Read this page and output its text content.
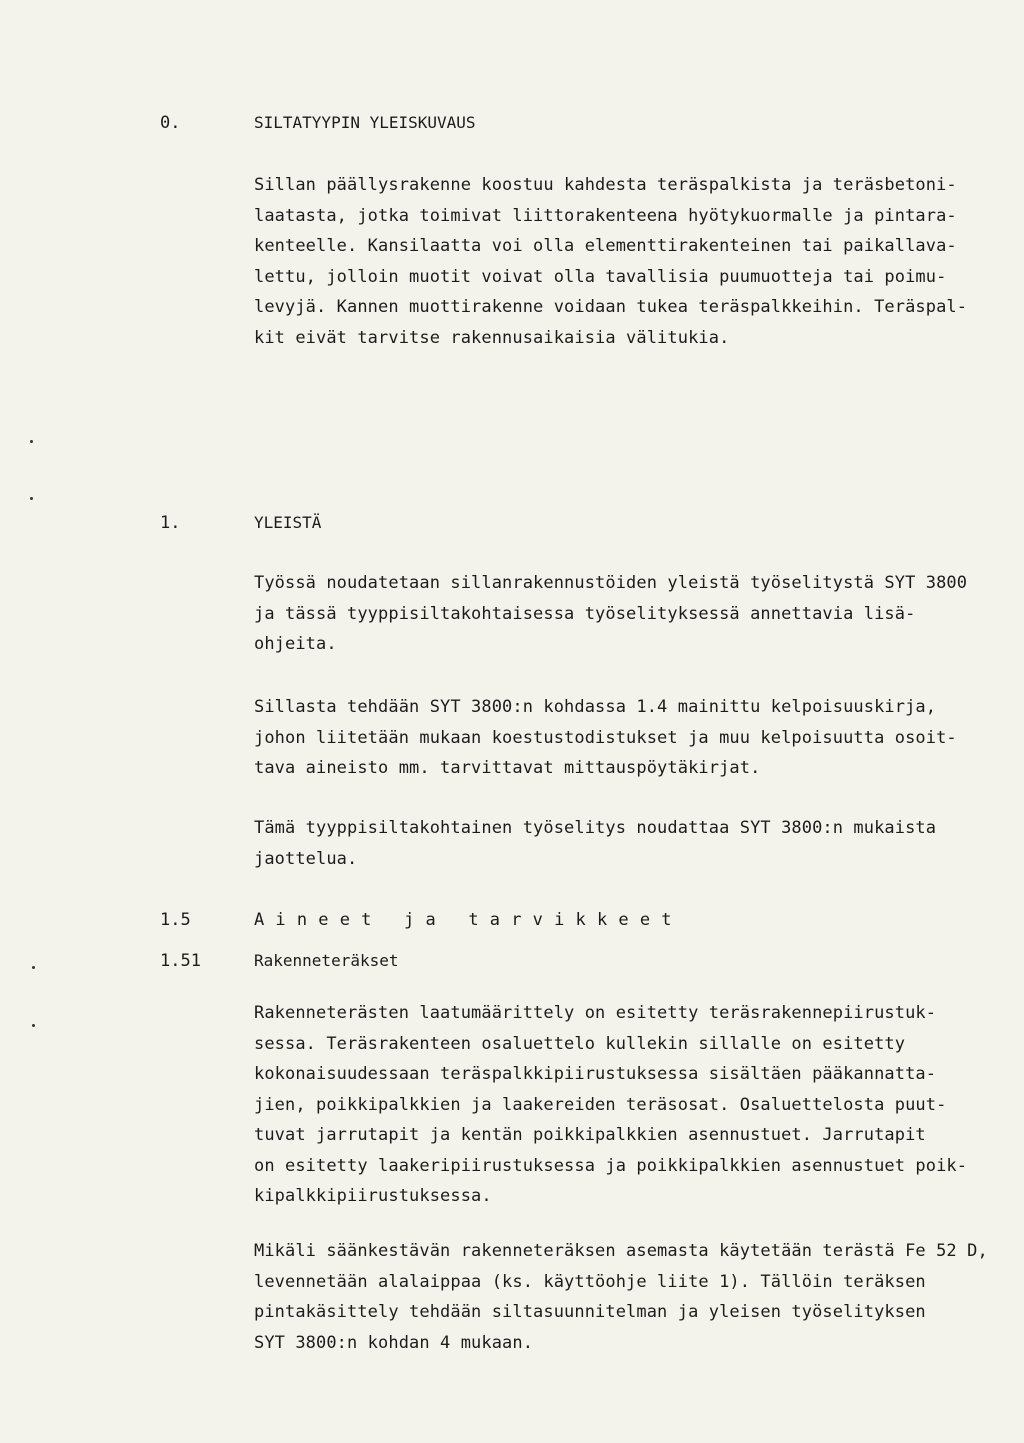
0.	SILTATYYPIN YLEISKUVAUS
Sillan päällysrakenne koostuu kahdesta teräspalkista ja teräsbetoni-
laatasta, jotka toimivat liittorakenteena hyötykuormalle ja pintara-
kenteelle. Kansilaatta voi olla elementtirakenteinen tai paikallava-
lettu, jolloin muotit voivat olla tavallisia puumuotteja tai poimu-
levyjä. Kannen muottirakenne voidaan tukea teräspalkkeihin. Teräspal-
kit eivät tarvitse rakennusaikaisia välitukia.
1.	YLEISTÄ
Työssä noudatetaan sillanrakennustöiden yleistä työselitystä SYT 3800
ja tässä tyyppisiltakohtaisessa työselityksessä annettavia lisä-
ohjeita.
Sillasta tehdään SYT 3800:n kohdassa 1.4 mainittu kelpoisuuskirja,
johon liitetään mukaan koestustodistukset ja muu kelpoisuutta osoit-
tava aineisto mm. tarvittavat mittauspöytäkirjat.
Tämä tyyppisiltakohtainen työselitys noudattaa SYT 3800:n mukaista
jaottelua.
1.5	Aineet ja tarvikkeet
1.51	Rakenneteräkset
Rakenneterästen laatumäärittely on esitetty teräsrakennepiirustuk-
sessa. Teräsrakenteen osaluettelo kullekin sillalle on esitetty
kokonaisuudessaan teräspalkkipiirustuksessa sisältäen pääkannatta-
jien, poikkipalkkien ja laakereiden teräsosat. Osaluettelosta puut-
tuvat jarrutapit ja kentän poikkipalkkien asennustuet. Jarrutapit
on esitetty laakeripiirustuksessa ja poikkipalkkien asennustuet poik-
kipalkkipiirustuksessa.
Mikäli säänkestävän rakenneteräksen asemasta käytetään terästä Fe 52 D,
levennetään alalaippaa (ks. käyttöohje liite 1). Tällöin teräksen
pintakäsittely tehdään siltasuunnitelman ja yleisen työselityksen
SYT 3800:n kohdan 4 mukaan.
